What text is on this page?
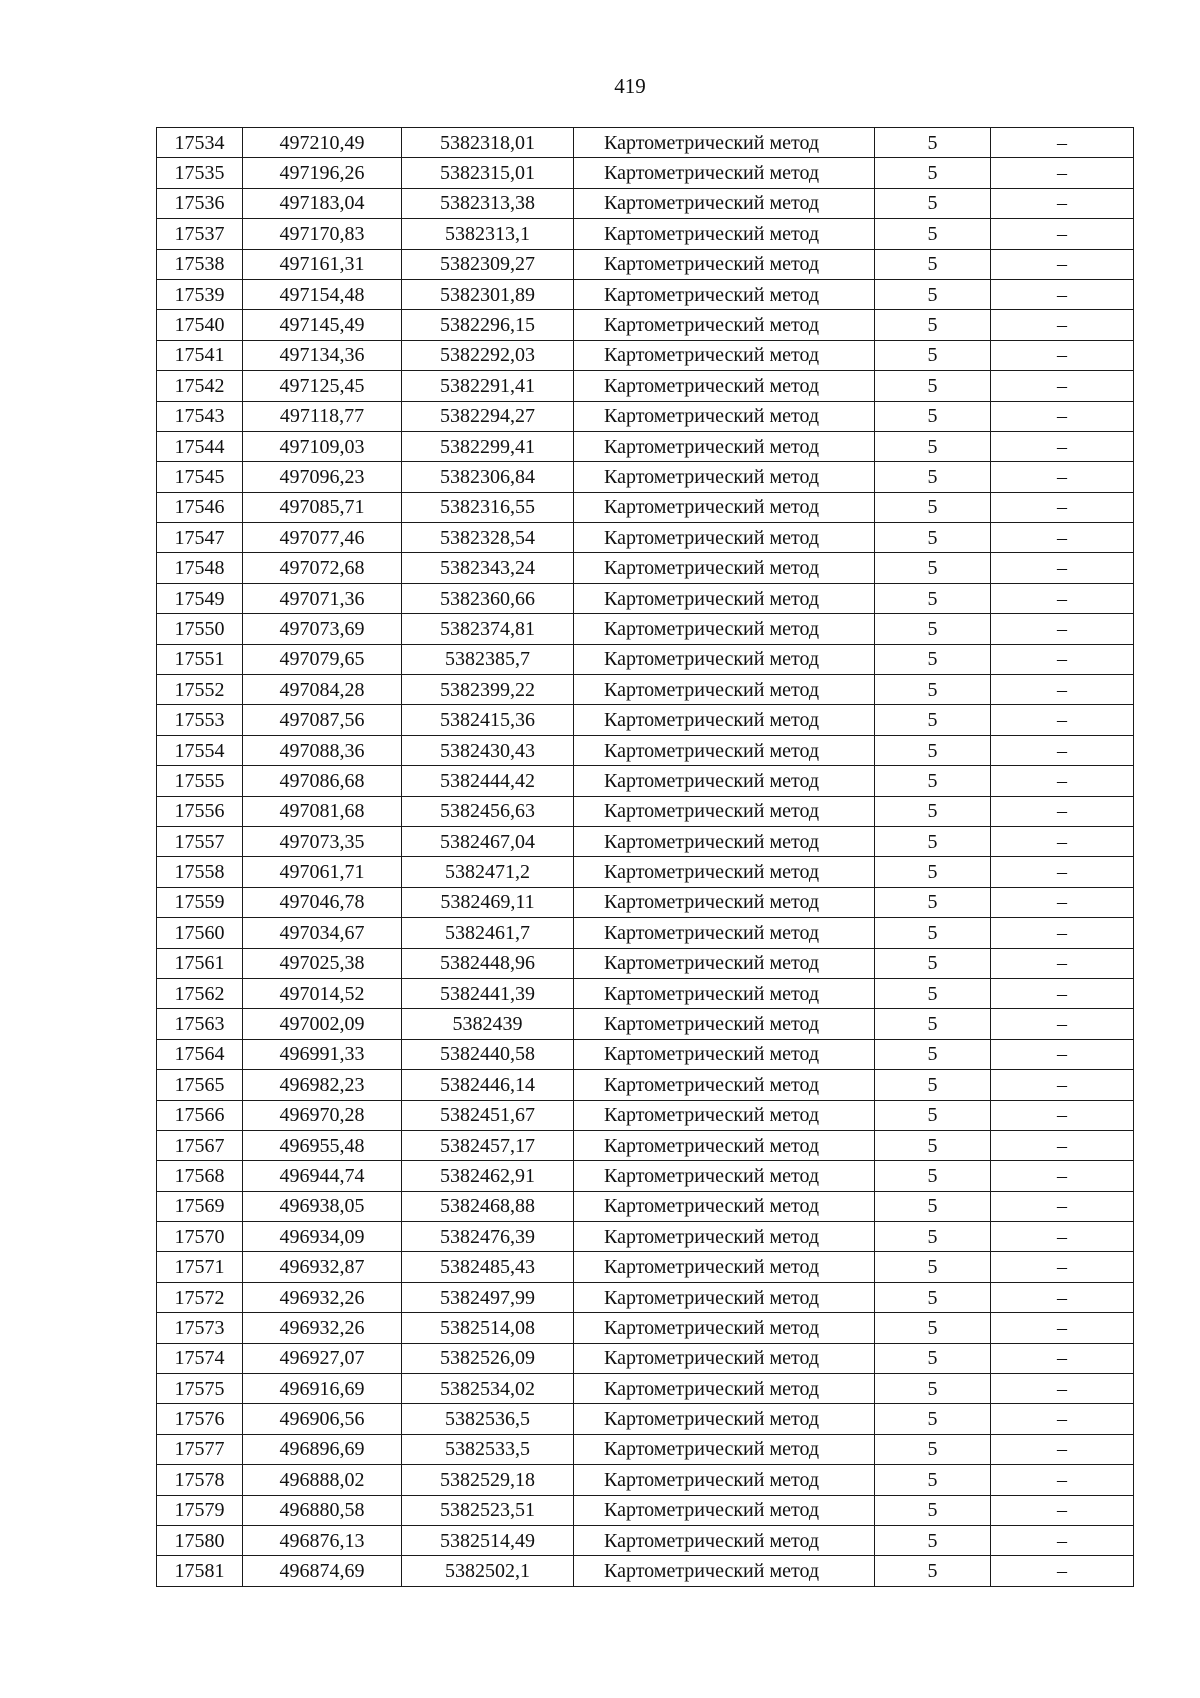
419
17534	497210,49	5382318,01	Картометрический метод	5	–
17535	497196,26	5382315,01	Картометрический метод	5	–
17536	497183,04	5382313,38	Картометрический метод	5	–
17537	497170,83	5382313,1	Картометрический метод	5	–
17538	497161,31	5382309,27	Картометрический метод	5	–
17539	497154,48	5382301,89	Картометрический метод	5	–
17540	497145,49	5382296,15	Картометрический метод	5	–
17541	497134,36	5382292,03	Картометрический метод	5	–
17542	497125,45	5382291,41	Картометрический метод	5	–
17543	497118,77	5382294,27	Картометрический метод	5	–
17544	497109,03	5382299,41	Картометрический метод	5	–
17545	497096,23	5382306,84	Картометрический метод	5	–
17546	497085,71	5382316,55	Картометрический метод	5	–
17547	497077,46	5382328,54	Картометрический метод	5	–
17548	497072,68	5382343,24	Картометрический метод	5	–
17549	497071,36	5382360,66	Картометрический метод	5	–
17550	497073,69	5382374,81	Картометрический метод	5	–
17551	497079,65	5382385,7	Картометрический метод	5	–
17552	497084,28	5382399,22	Картометрический метод	5	–
17553	497087,56	5382415,36	Картометрический метод	5	–
17554	497088,36	5382430,43	Картометрический метод	5	–
17555	497086,68	5382444,42	Картометрический метод	5	–
17556	497081,68	5382456,63	Картометрический метод	5	–
17557	497073,35	5382467,04	Картометрический метод	5	–
17558	497061,71	5382471,2	Картометрический метод	5	–
17559	497046,78	5382469,11	Картометрический метод	5	–
17560	497034,67	5382461,7	Картометрический метод	5	–
17561	497025,38	5382448,96	Картометрический метод	5	–
17562	497014,52	5382441,39	Картометрический метод	5	–
17563	497002,09	5382439	Картометрический метод	5	–
17564	496991,33	5382440,58	Картометрический метод	5	–
17565	496982,23	5382446,14	Картометрический метод	5	–
17566	496970,28	5382451,67	Картометрический метод	5	–
17567	496955,48	5382457,17	Картометрический метод	5	–
17568	496944,74	5382462,91	Картометрический метод	5	–
17569	496938,05	5382468,88	Картометрический метод	5	–
17570	496934,09	5382476,39	Картометрический метод	5	–
17571	496932,87	5382485,43	Картометрический метод	5	–
17572	496932,26	5382497,99	Картометрический метод	5	–
17573	496932,26	5382514,08	Картометрический метод	5	–
17574	496927,07	5382526,09	Картометрический метод	5	–
17575	496916,69	5382534,02	Картометрический метод	5	–
17576	496906,56	5382536,5	Картометрический метод	5	–
17577	496896,69	5382533,5	Картометрический метод	5	–
17578	496888,02	5382529,18	Картометрический метод	5	–
17579	496880,58	5382523,51	Картометрический метод	5	–
17580	496876,13	5382514,49	Картометрический метод	5	–
17581	496874,69	5382502,1	Картометрический метод	5	–
